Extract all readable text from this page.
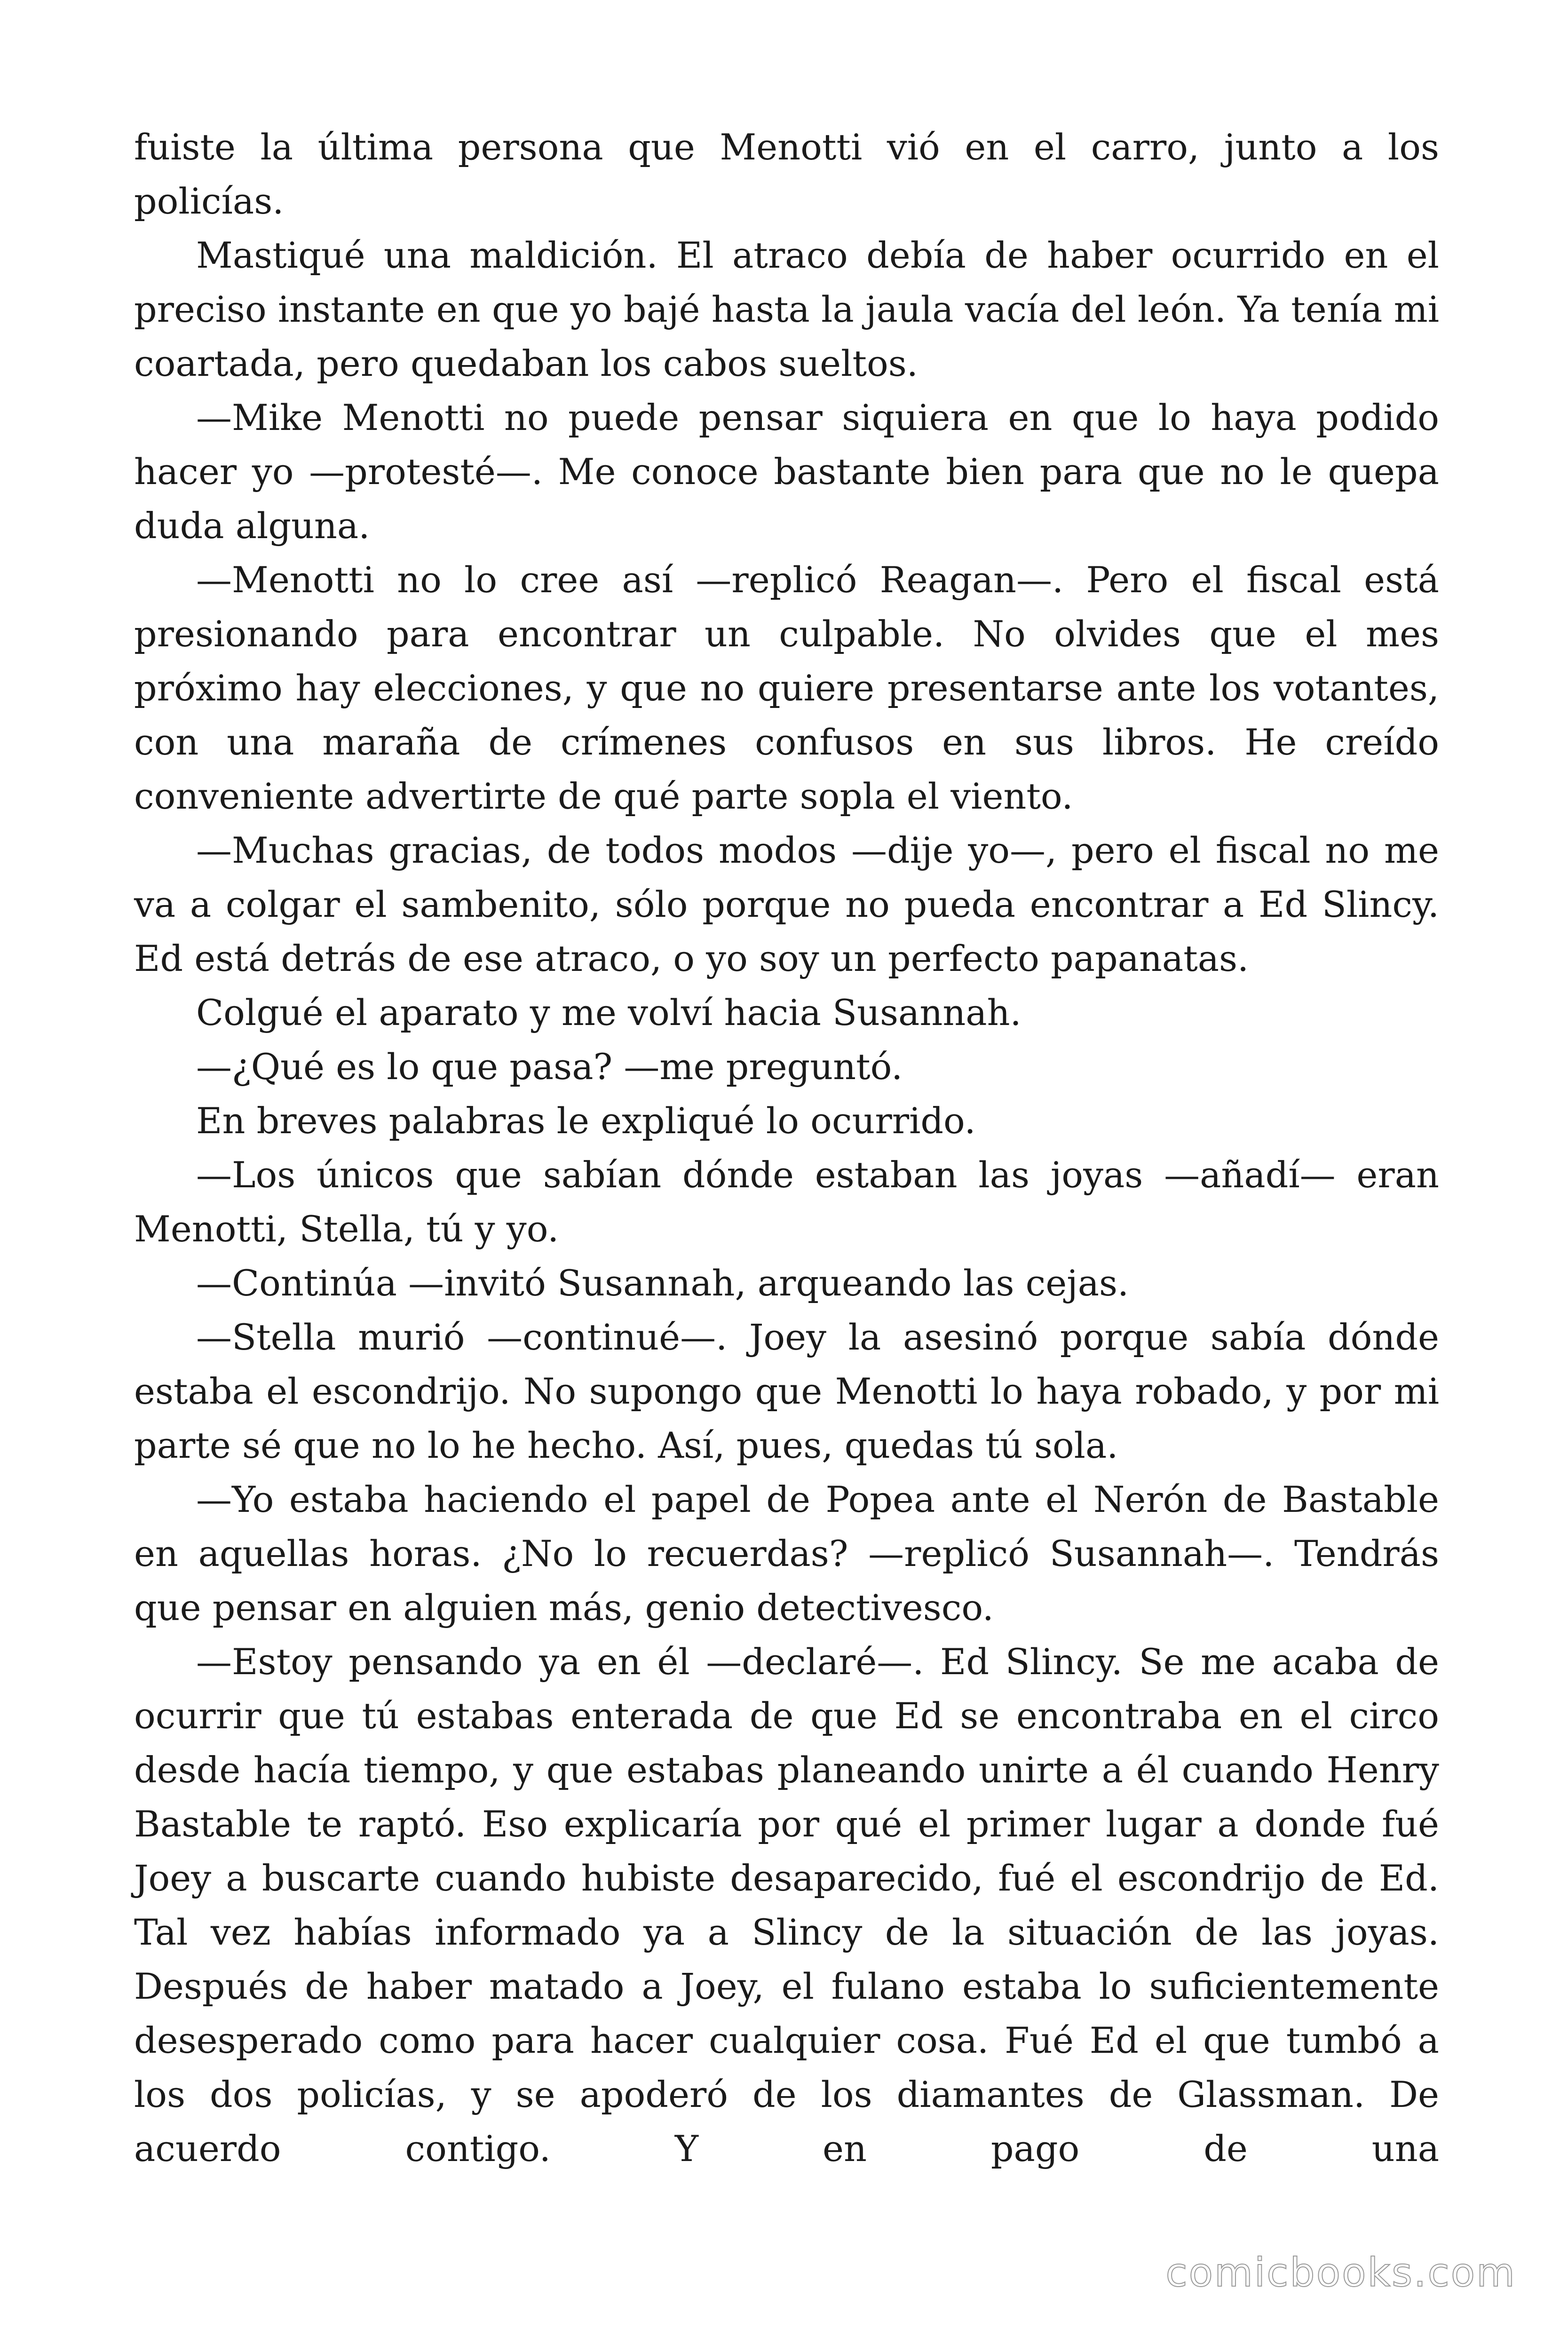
fuiste la última persona que Menotti vió en el carro, junto a los policías.

Mastiqué una maldición. El atraco debía de haber ocurrido en el preciso instante en que yo bajé hasta la jaula vacía del león. Ya tenía mi coartada, pero quedaban los cabos sueltos.

—Mike Menotti no puede pensar siquiera en que lo haya podido hacer yo —protesté—. Me conoce bastante bien para que no le quepa duda alguna.

—Menotti no lo cree así —replicó Reagan—. Pero el fiscal está presionando para encontrar un culpable. No olvides que el mes próximo hay elecciones, y que no quiere presentarse ante los votantes, con una maraña de crímenes confusos en sus libros. He creído conveniente advertirte de qué parte sopla el viento.

—Muchas gracias, de todos modos —dije yo—, pero el fiscal no me va a colgar el sambenito, sólo porque no pueda encontrar a Ed Slincy. Ed está detrás de ese atraco, o yo soy un perfecto papanatas.

Colgué el aparato y me volví hacia Susannah.

—¿Qué es lo que pasa? —me preguntó.

En breves palabras le expliqué lo ocurrido.

—Los únicos que sabían dónde estaban las joyas —añadí— eran Menotti, Stella, tú y yo.

—Continúa —invitó Susannah, arqueando las cejas.

—Stella murió —continué—. Joey la asesinó porque sabía dónde estaba el escondrijo. No supongo que Menotti lo haya robado, y por mi parte sé que no lo he hecho. Así, pues, quedas tú sola.

—Yo estaba haciendo el papel de Popea ante el Nerón de Bastable en aquellas horas. ¿No lo recuerdas? —replicó Susannah—. Tendrás que pensar en alguien más, genio detectivesco.

—Estoy pensando ya en él —declaré—. Ed Slincy. Se me acaba de ocurrir que tú estabas enterada de que Ed se encontraba en el circo desde hacía tiempo, y que estabas planeando unirte a él cuando Henry Bastable te raptó. Eso explicaría por qué el primer lugar a donde fué Joey a buscarte cuando hubiste desaparecido, fué el escondrijo de Ed. Tal vez habías informado ya a Slincy de la situación de las joyas. Después de haber matado a Joey, el fulano estaba lo suficientemente desesperado como para hacer cualquier cosa. Fué Ed el que tumbó a los dos policías, y se apoderó de los diamantes de Glassman. De acuerdo contigo. Y en pago de una

comicbooks.com
